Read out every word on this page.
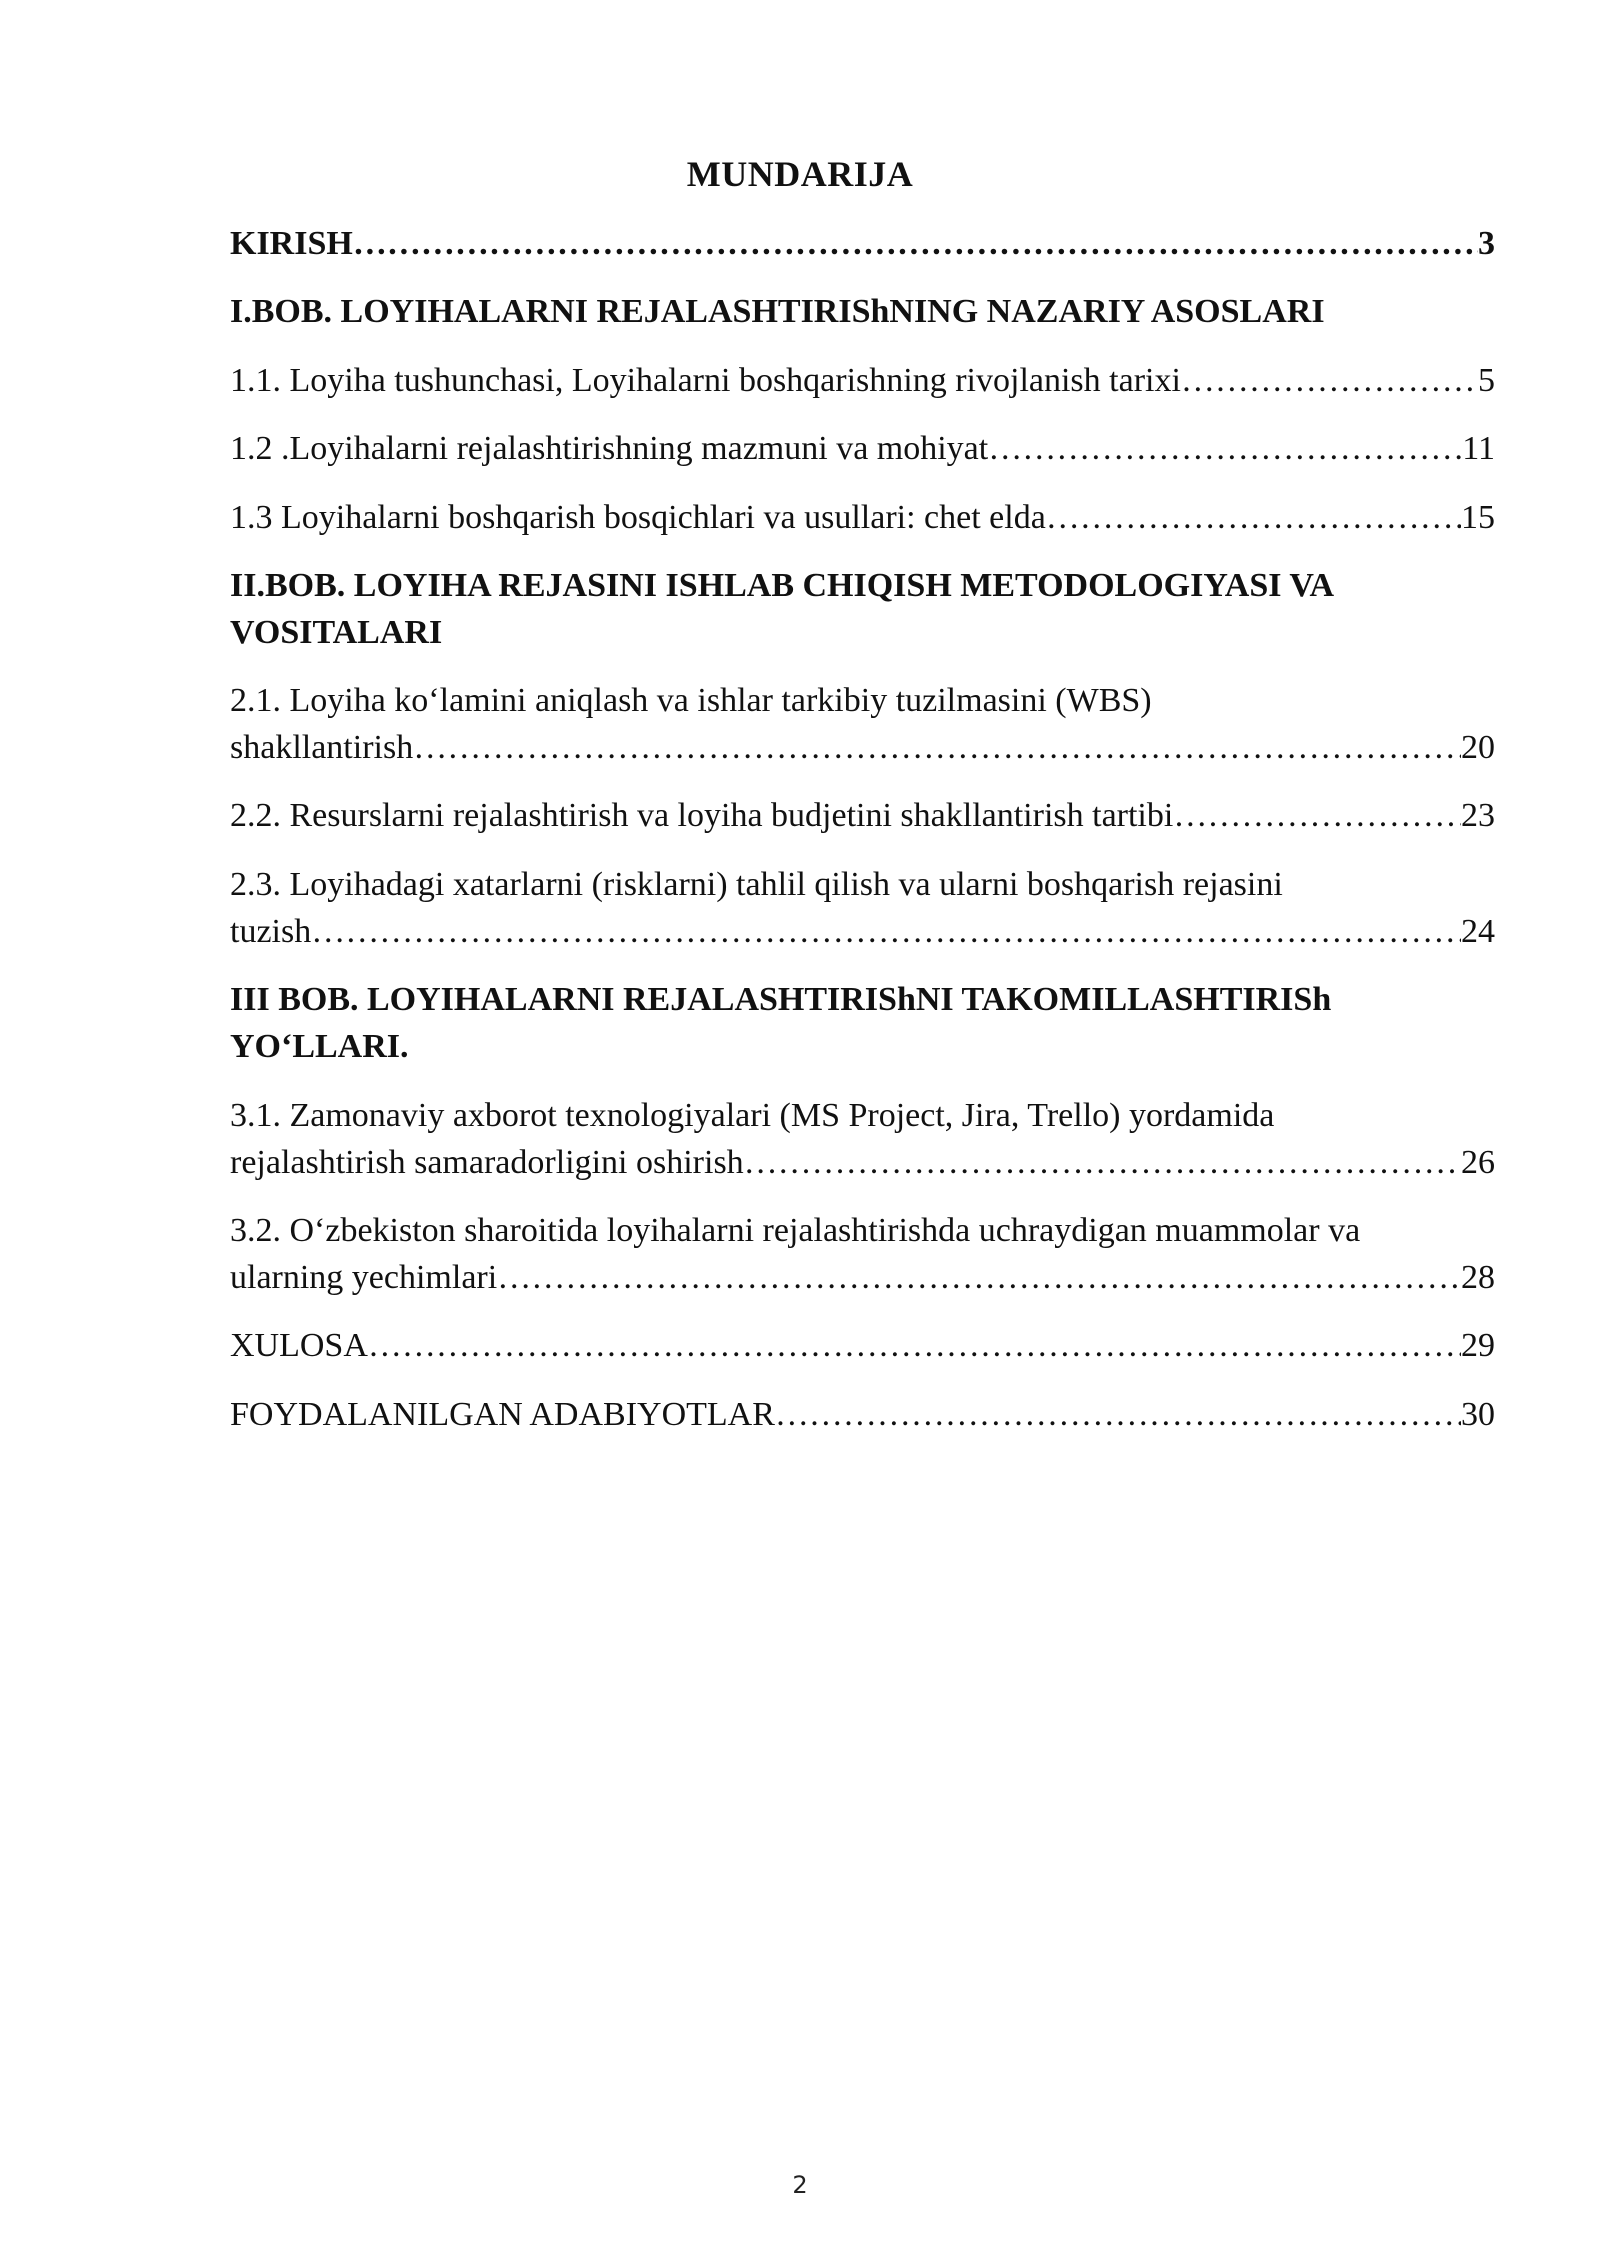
MUNDARIJA
KIRISH ………………………………………………………………………………………………………………………………………………………………………………………………………………	3
I.BOB. LOYIHALARNI REJALASHTIRIShNING NAZARIY ASOSLARI
1.1. Loyiha tushunchasi, Loyihalarni boshqarishning rivojlanish tarixi ………………………………………………………………………………………………………………………………………………………………………………………………………………	5
1.2 .Loyihalarni rejalashtirishning mazmuni va mohiyat ………………………………………………………………………………………………………………………………………………………………………………………………………………	11
1.3 Loyihalarni boshqarish bosqichlari va usullari: chet elda ………………………………………………………………………………………………………………………………………………………………………………………………………………	15
II.BOB. LOYIHA REJASINI ISHLAB CHIQISH METODOLOGIYASI VA
VOSITALARI
2.1. Loyiha ko‘lamini aniqlash va ishlar tarkibiy tuzilmasini (WBS)
shakllantirish ………………………………………………………………………………………………………………………………………………………………………………………………………………	20
2.2. Resurslarni rejalashtirish va loyiha budjetini shakllantirish tartibi ………………………………………………………………………………………………………………………………………………………………………………………………………………	23
2.3. Loyihadagi xatarlarni (risklarni) tahlil qilish va ularni boshqarish rejasini
tuzish ………………………………………………………………………………………………………………………………………………………………………………………………………………	24
III BOB. LOYIHALARNI REJALASHTIRIShNI TAKOMILLASHTIRISh
YO‘LLARI.
3.1. Zamonaviy axborot texnologiyalari (MS Project, Jira, Trello) yordamida
rejalashtirish samaradorligini oshirish ………………………………………………………………………………………………………………………………………………………………………………………………………………	26
3.2. O‘zbekiston sharoitida loyihalarni rejalashtirishda uchraydigan muammolar va
ularning yechimlari ………………………………………………………………………………………………………………………………………………………………………………………………………………	28
XULOSA ………………………………………………………………………………………………………………………………………………………………………………………………………………	29
FOYDALANILGAN ADABIYOTLAR ………………………………………………………………………………………………………………………………………………………………………………………………………………	30
2
